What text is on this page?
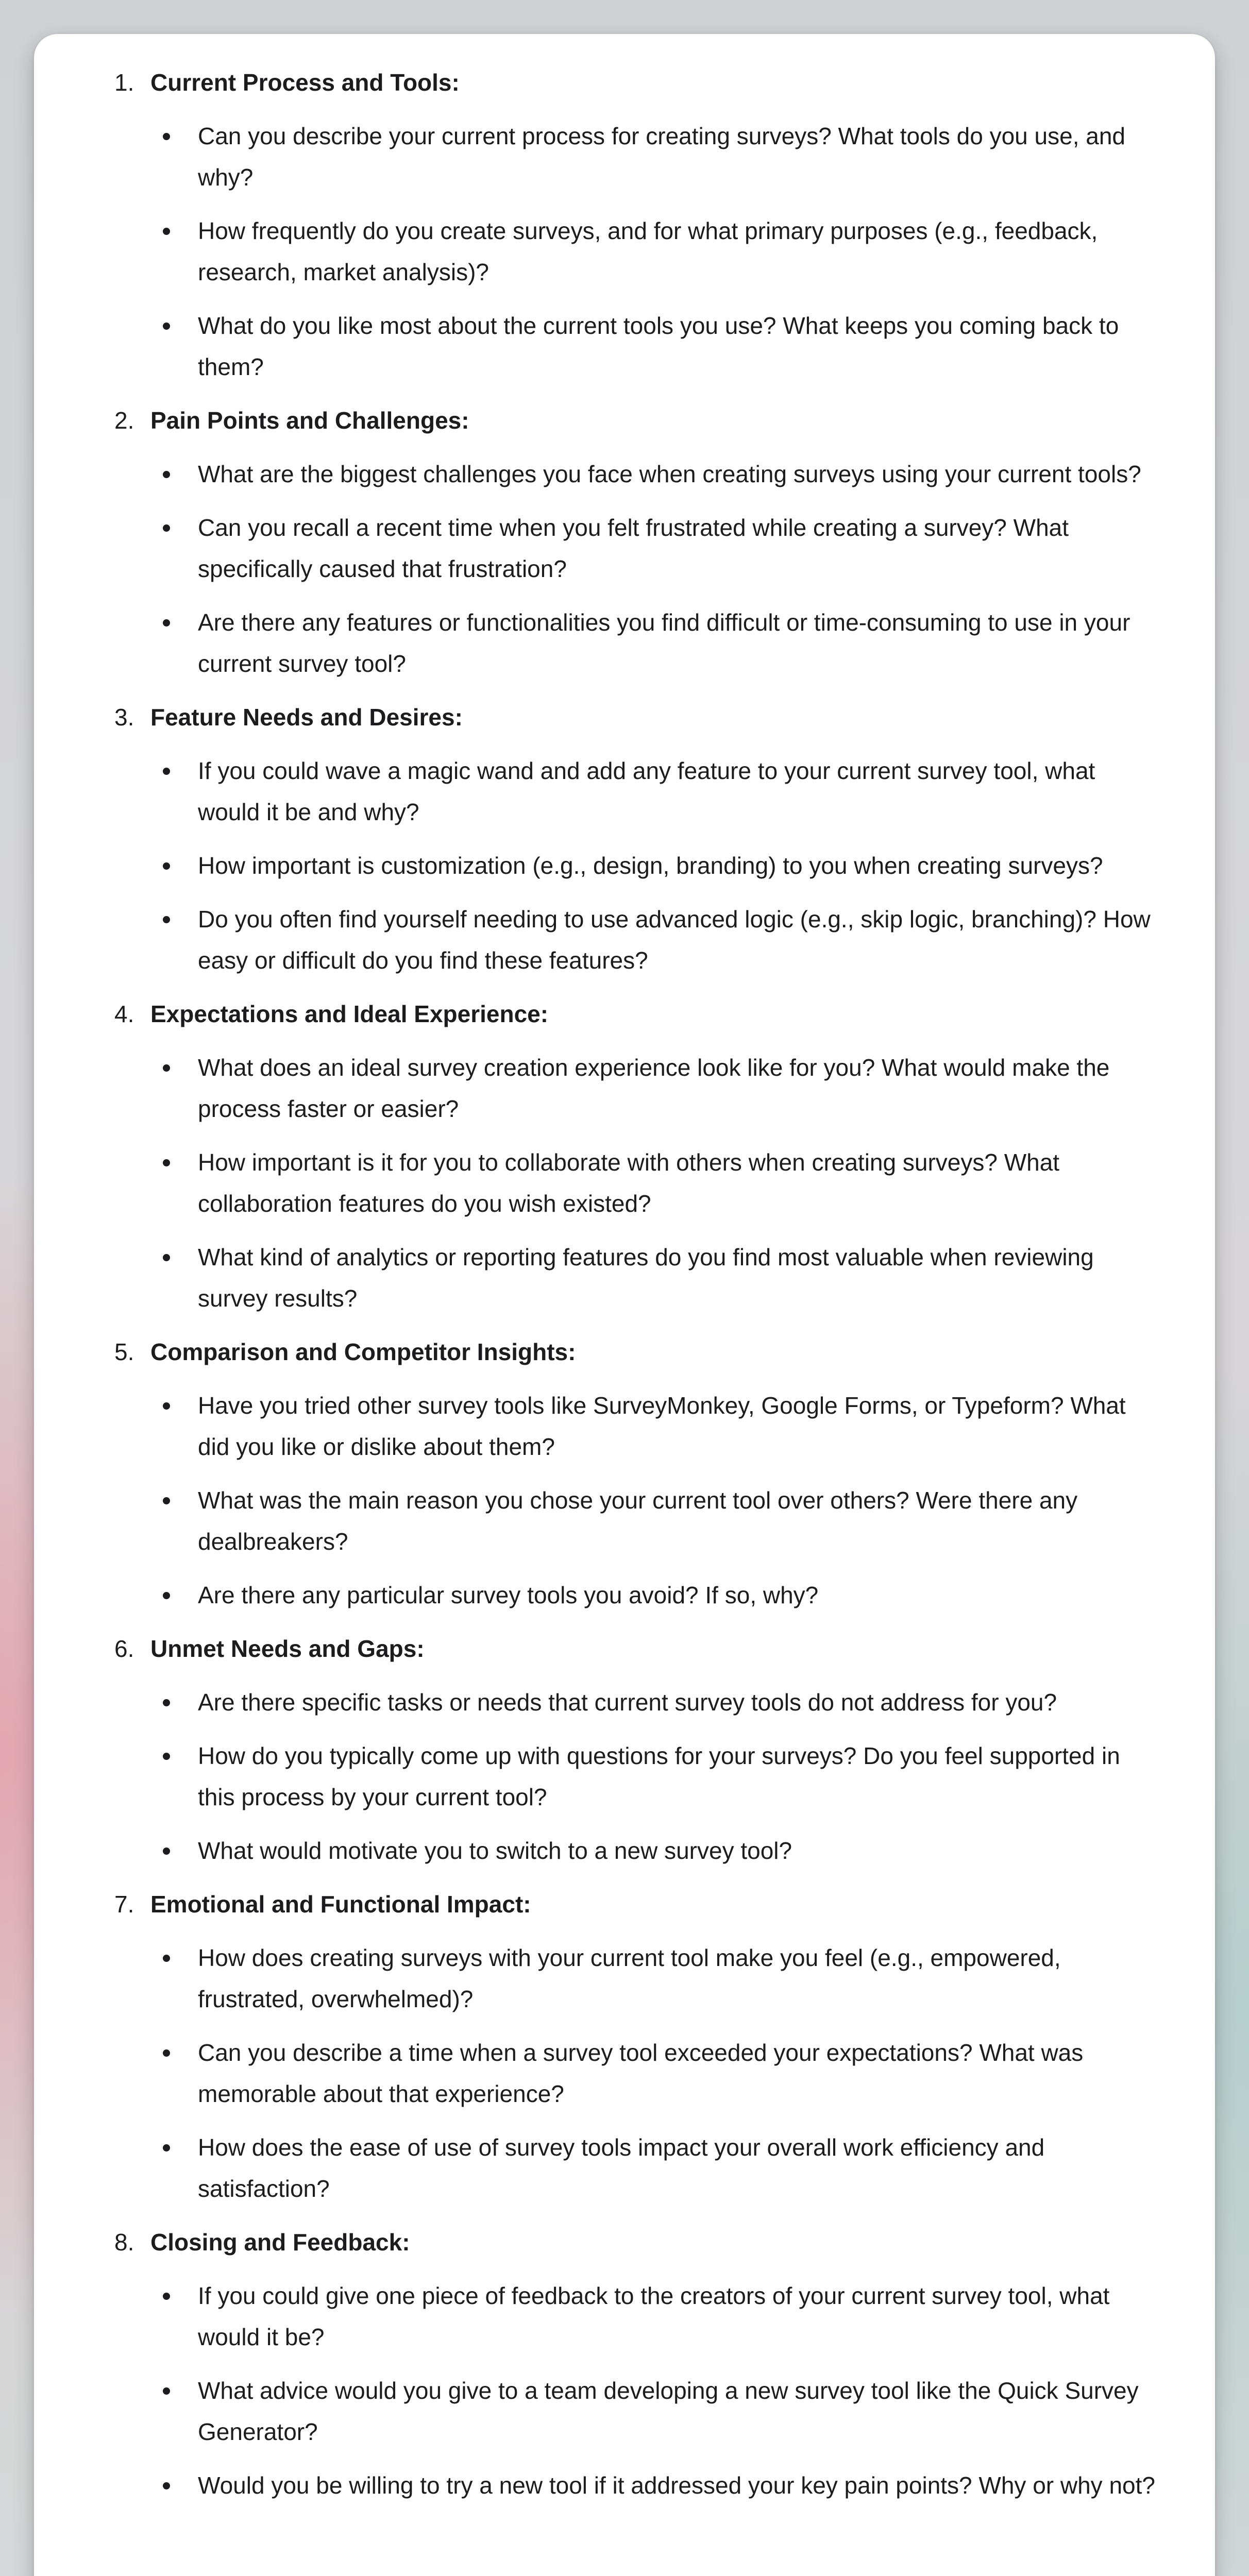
1. Current Process and Tools:
Can you describe your current process for creating surveys? What tools do you use, and why?
How frequently do you create surveys, and for what primary purposes (e.g., feedback, research, market analysis)?
What do you like most about the current tools you use? What keeps you coming back to them?
2. Pain Points and Challenges:
What are the biggest challenges you face when creating surveys using your current tools?
Can you recall a recent time when you felt frustrated while creating a survey? What specifically caused that frustration?
Are there any features or functionalities you find difficult or time-consuming to use in your current survey tool?
3. Feature Needs and Desires:
If you could wave a magic wand and add any feature to your current survey tool, what would it be and why?
How important is customization (e.g., design, branding) to you when creating surveys?
Do you often find yourself needing to use advanced logic (e.g., skip logic, branching)? How easy or difficult do you find these features?
4. Expectations and Ideal Experience:
What does an ideal survey creation experience look like for you? What would make the process faster or easier?
How important is it for you to collaborate with others when creating surveys? What collaboration features do you wish existed?
What kind of analytics or reporting features do you find most valuable when reviewing survey results?
5. Comparison and Competitor Insights:
Have you tried other survey tools like SurveyMonkey, Google Forms, or Typeform? What did you like or dislike about them?
What was the main reason you chose your current tool over others? Were there any dealbreakers?
Are there any particular survey tools you avoid? If so, why?
6. Unmet Needs and Gaps:
Are there specific tasks or needs that current survey tools do not address for you?
How do you typically come up with questions for your surveys? Do you feel supported in this process by your current tool?
What would motivate you to switch to a new survey tool?
7. Emotional and Functional Impact:
How does creating surveys with your current tool make you feel (e.g., empowered, frustrated, overwhelmed)?
Can you describe a time when a survey tool exceeded your expectations? What was memorable about that experience?
How does the ease of use of survey tools impact your overall work efficiency and satisfaction?
8. Closing and Feedback:
If you could give one piece of feedback to the creators of your current survey tool, what would it be?
What advice would you give to a team developing a new survey tool like the Quick Survey Generator?
Would you be willing to try a new tool if it addressed your key pain points? Why or why not?
